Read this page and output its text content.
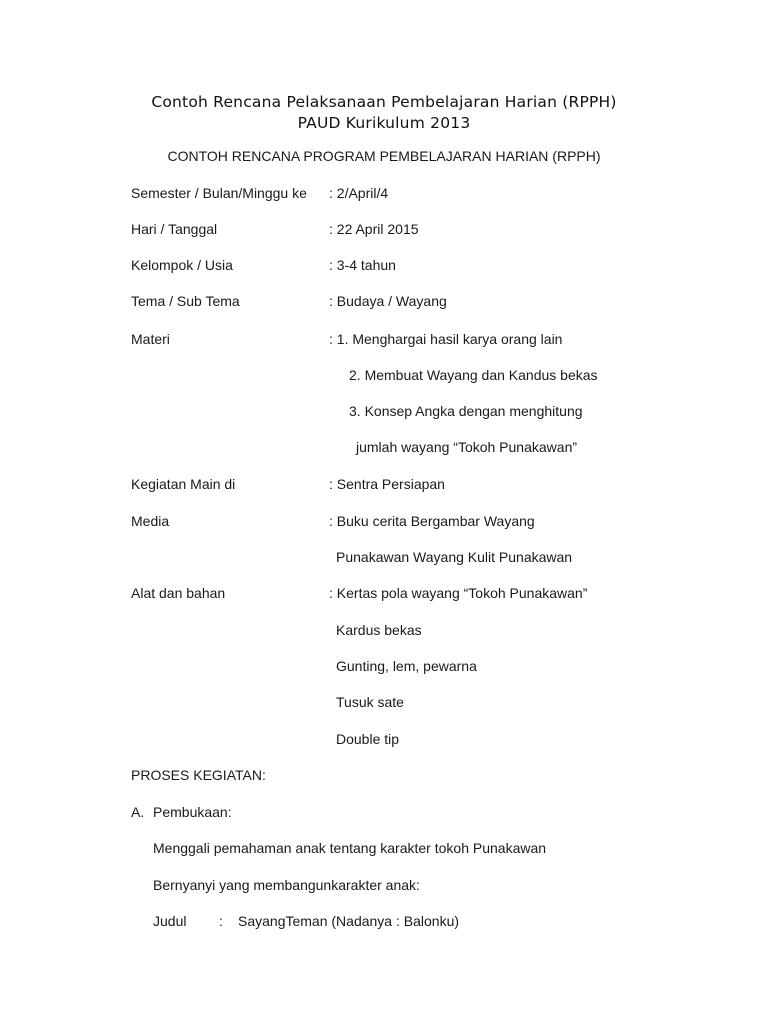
Contoh Rencana Pelaksanaan Pembelajaran Harian (RPPH)
PAUD Kurikulum 2013
CONTOH RENCANA PROGRAM PEMBELAJARAN HARIAN (RPPH)
Semester / Bulan/Minggu ke : 2/April/4
Hari / Tanggal	: 22 April 2015
Kelompok / Usia	: 3-4 tahun
Tema / Sub Tema	: Budaya / Wayang
Materi	: 1. Menghargai hasil karya orang lain
2. Membuat Wayang dan Kandus bekas
3. Konsep Angka dengan menghitung
jumlah wayang “Tokoh Punakawan”
Kegiatan Main di	: Sentra Persiapan
Media	: Buku cerita Bergambar Wayang
Punakawan Wayang Kulit Punakawan
Alat dan bahan	: Kertas pola wayang “Tokoh Punakawan”
Kardus bekas
Gunting, lem, pewarna
Tusuk sate
Double tip
PROSES KEGIATAN:
A. Pembukaan:
Menggali pemahaman anak tentang karakter tokoh Punakawan
Bernyanyi yang membangunkarakter anak:
Judul : SayangTeman (Nadanya : Balonku)
